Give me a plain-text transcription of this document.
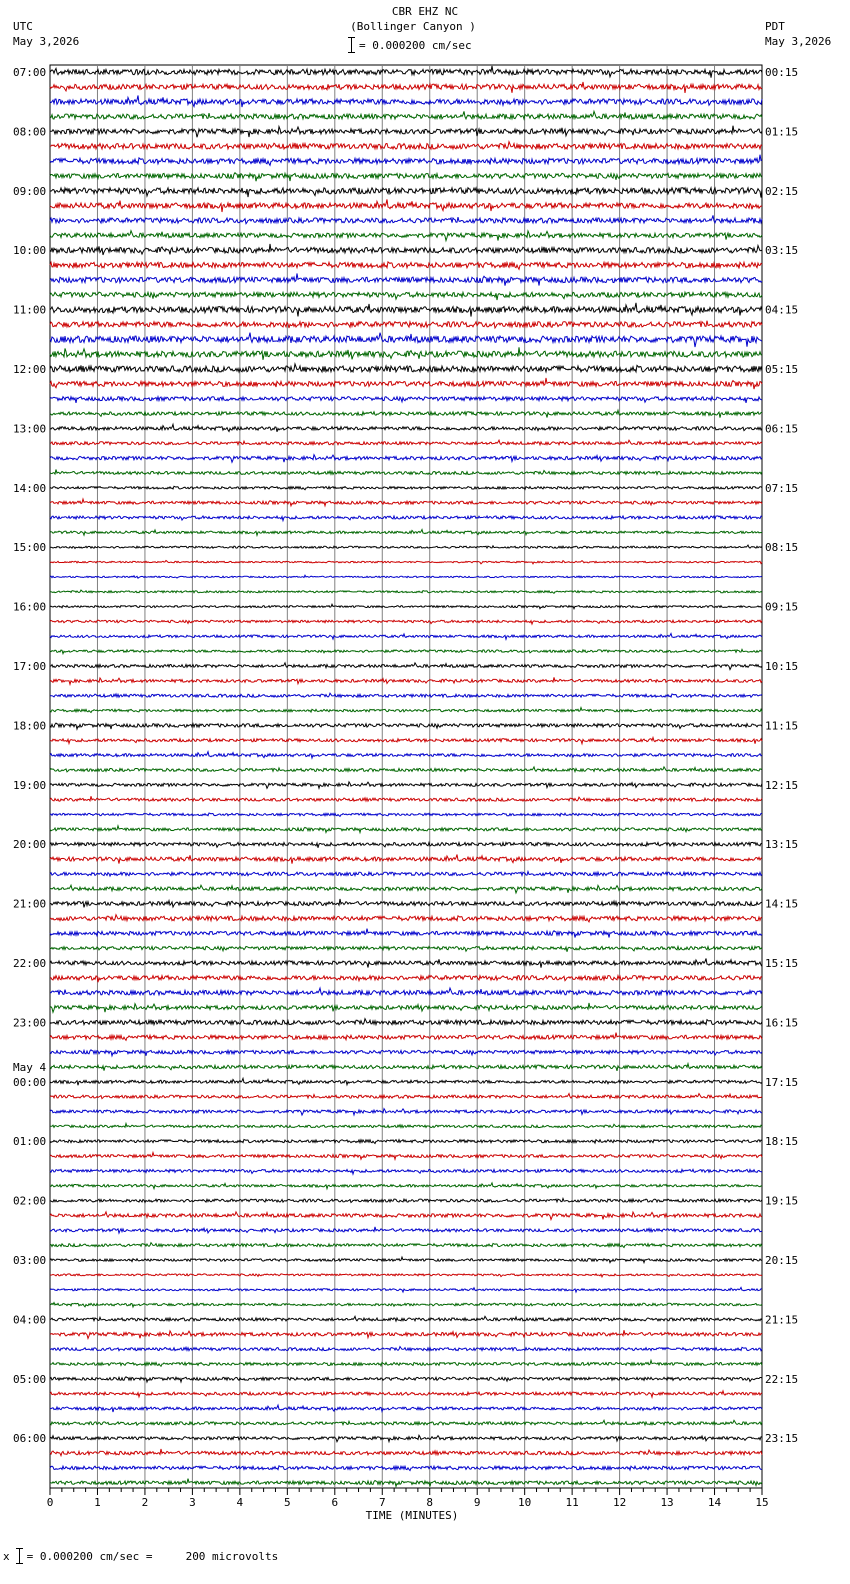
CBR EHZ NC
(Bollinger Canyon )
= 0.000200 cm/sec
UTC
May 3,2026
PDT
May 3,2026
07:00
08:00
09:00
10:00
11:00
12:00
13:00
14:00
15:00
16:00
17:00
18:00
19:00
20:00
21:00
22:00
23:00
00:00
01:00
02:00
03:00
04:00
05:00
06:00
00:15
01:15
02:15
03:15
04:15
05:15
06:15
07:15
08:15
09:15
10:15
11:15
12:15
13:15
14:15
15:15
16:15
17:15
18:15
19:15
20:15
21:15
22:15
23:15
May 4
0	1	2	3	4	5	6	7	8	9	10	11	12	13	14	15
TIME (MINUTES)
x = 0.000200 cm/sec =     200 microvolts
